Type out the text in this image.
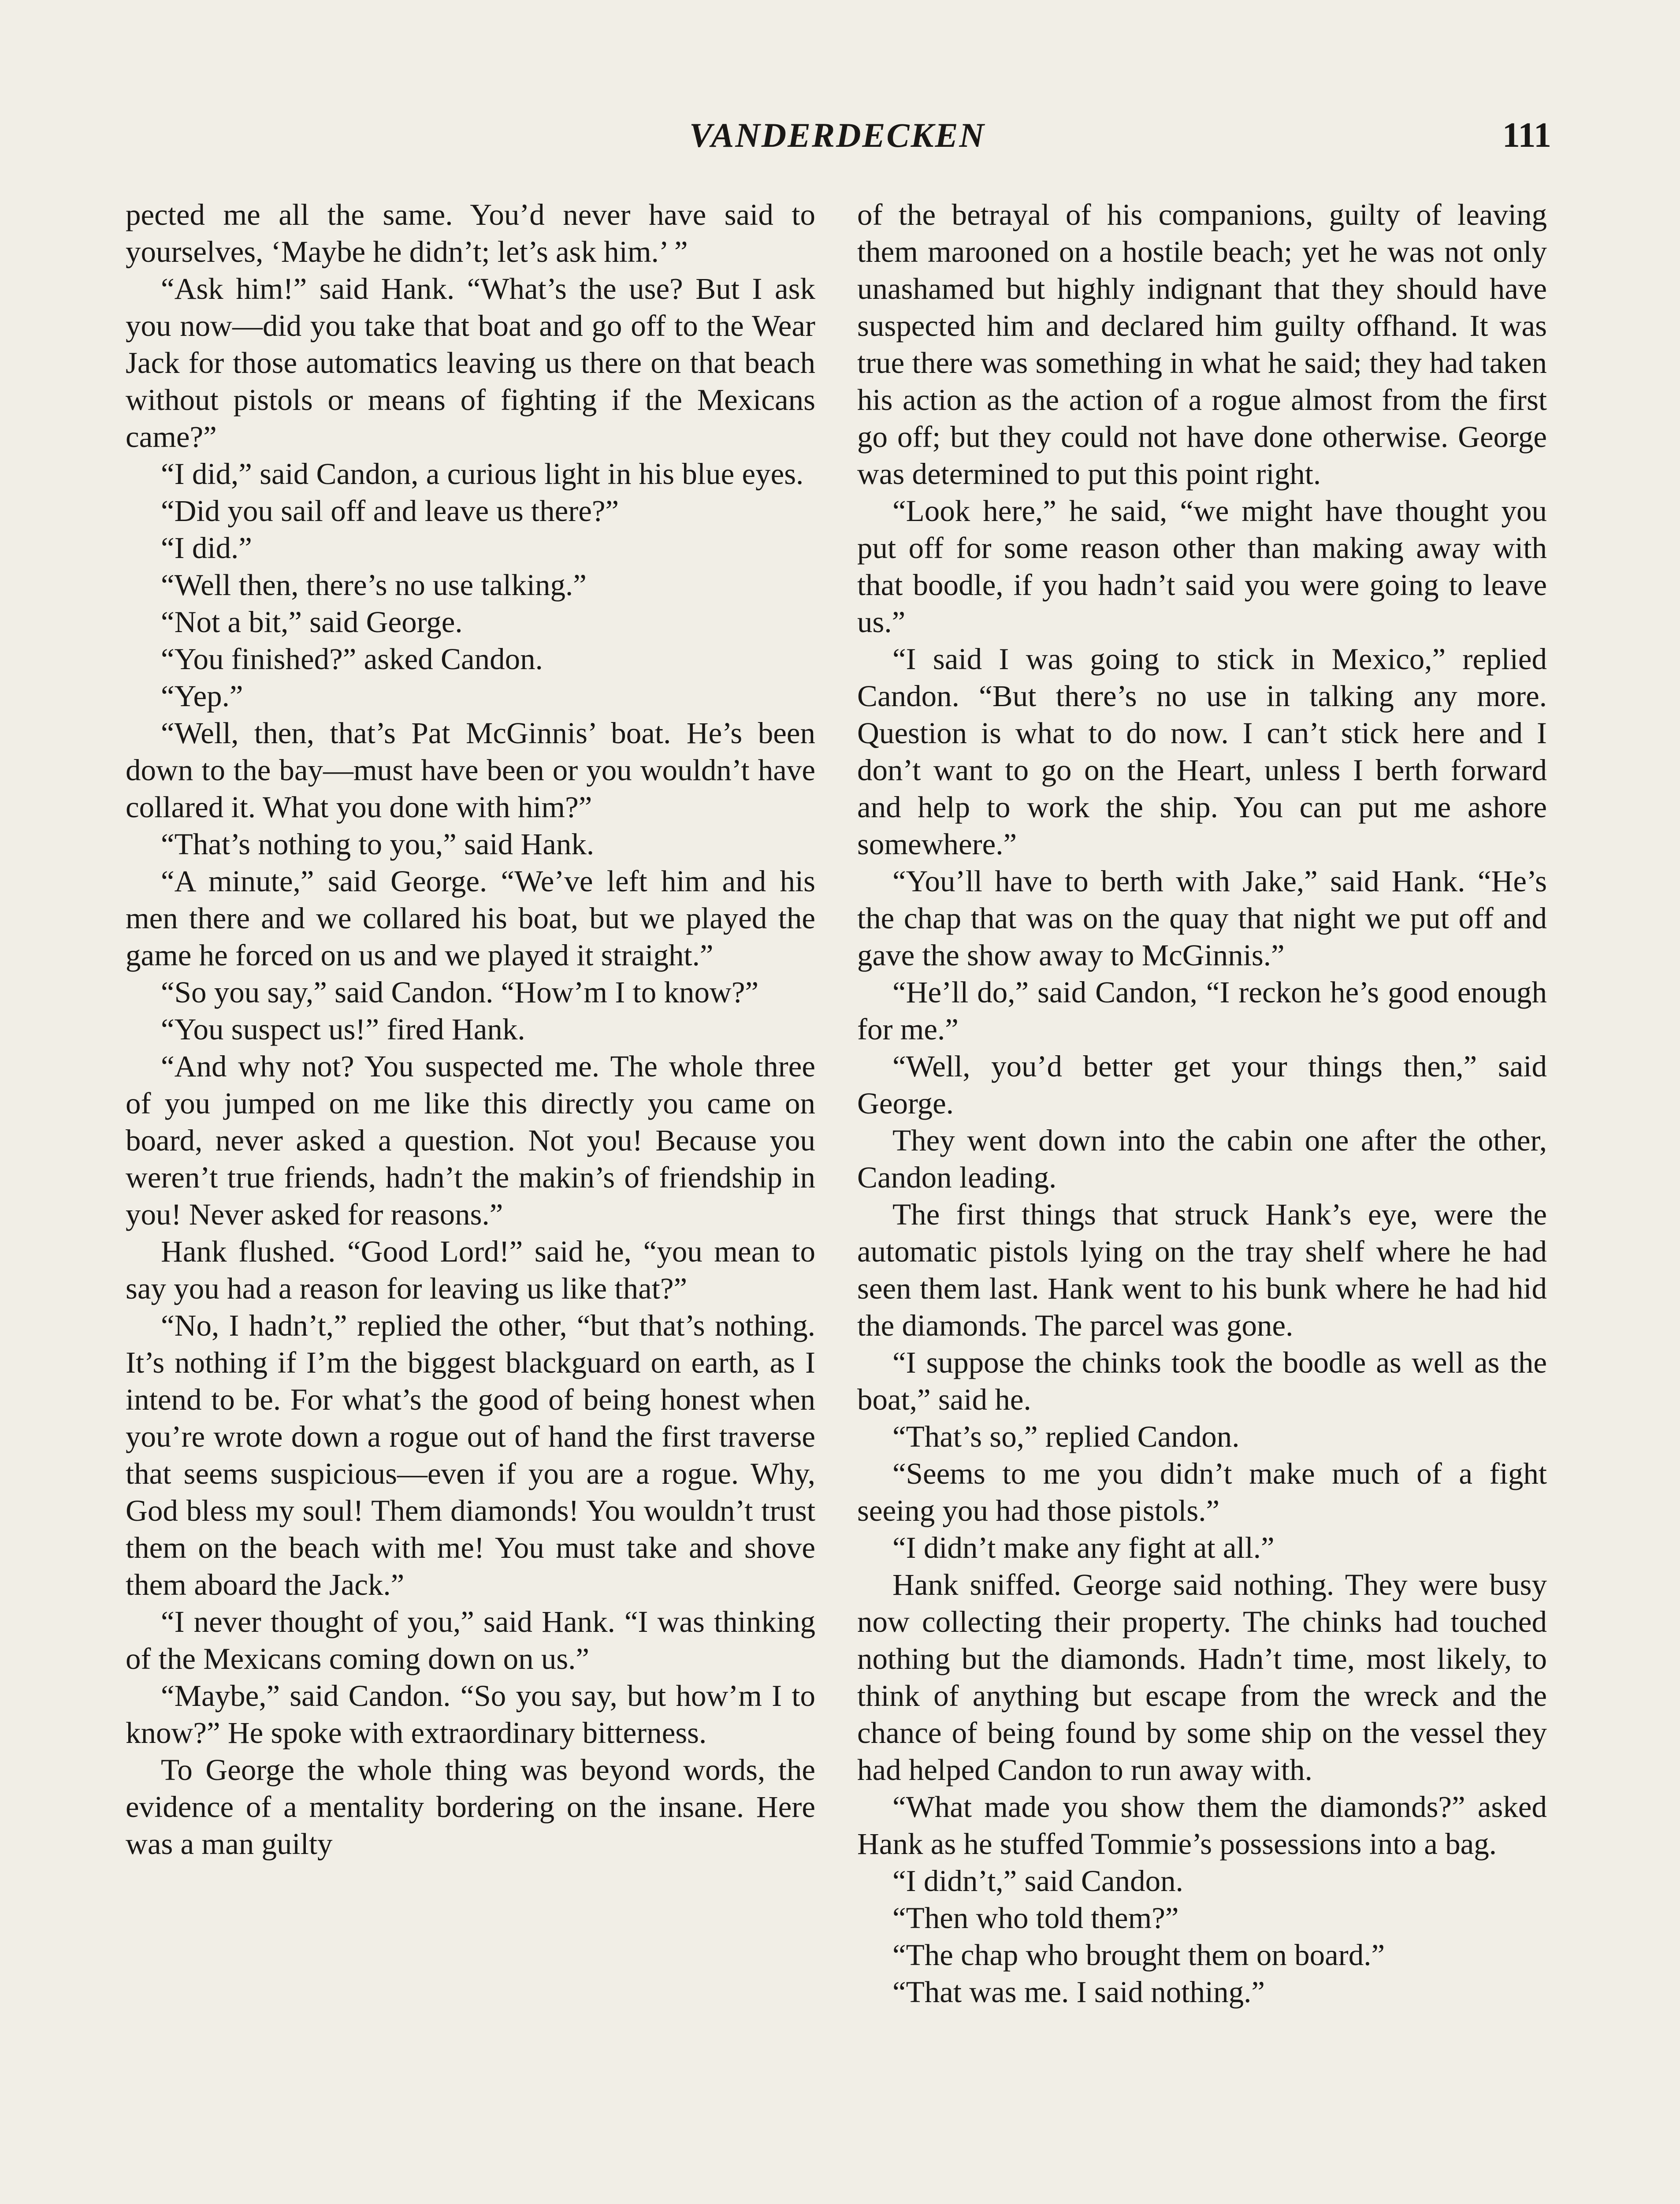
VANDERDECKEN	111

pected me all the same. You’d never have said to yourselves, ‘Maybe he didn’t; let’s ask him.’ ”

“Ask him!” said Hank. “What’s the use? But I ask you now—did you take that boat and go off to the Wear Jack for those automatics leaving us there on that beach without pistols or means of fighting if the Mexicans came?”

“I did,” said Candon, a curious light in his blue eyes.

“Did you sail off and leave us there?”

“I did.”

“Well then, there’s no use talking.”

“Not a bit,” said George.

“You finished?” asked Candon.

“Yep.”

“Well, then, that’s Pat McGinnis’ boat. He’s been down to the bay—must have been or you wouldn’t have collared it. What you done with him?”

“That’s nothing to you,” said Hank.

“A minute,” said George. “We’ve left him and his men there and we collared his boat, but we played the game he forced on us and we played it straight.”

“So you say,” said Candon. “How’m I to know?”

“You suspect us!” fired Hank.

“And why not? You suspected me. The whole three of you jumped on me like this directly you came on board, never asked a question. Not you! Because you weren’t true friends, hadn’t the makin’s of friendship in you! Never asked for reasons.”

Hank flushed. “Good Lord!” said he, “you mean to say you had a reason for leaving us like that?”

“No, I hadn’t,” replied the other, “but that’s nothing. It’s nothing if I’m the biggest blackguard on earth, as I intend to be. For what’s the good of being honest when you’re wrote down a rogue out of hand the first traverse that seems suspicious—even if you are a rogue. Why, God bless my soul! Them diamonds! You wouldn’t trust them on the beach with me! You must take and shove them aboard the Jack.”

“I never thought of you,” said Hank. “I was thinking of the Mexicans coming down on us.”

“Maybe,” said Candon. “So you say, but how’m I to know?” He spoke with extraordinary bitterness.

To George the whole thing was beyond words, the evidence of a mentality bordering on the insane. Here was a man guilty

of the betrayal of his companions, guilty of leaving them marooned on a hostile beach; yet he was not only unashamed but highly indignant that they should have suspected him and declared him guilty offhand. It was true there was something in what he said; they had taken his action as the action of a rogue almost from the first go off; but they could not have done otherwise. George was determined to put this point right.

“Look here,” he said, “we might have thought you put off for some reason other than making away with that boodle, if you hadn’t said you were going to leave us.”

“I said I was going to stick in Mexico,” replied Candon. “But there’s no use in talking any more. Question is what to do now. I can’t stick here and I don’t want to go on the Heart, unless I berth forward and help to work the ship. You can put me ashore somewhere.”

“You’ll have to berth with Jake,” said Hank. “He’s the chap that was on the quay that night we put off and gave the show away to McGinnis.”

“He’ll do,” said Candon, “I reckon he’s good enough for me.”

“Well, you’d better get your things then,” said George.

They went down into the cabin one after the other, Candon leading.

The first things that struck Hank’s eye, were the automatic pistols lying on the tray shelf where he had seen them last. Hank went to his bunk where he had hid the diamonds. The parcel was gone.

“I suppose the chinks took the boodle as well as the boat,” said he.

“That’s so,” replied Candon.

“Seems to me you didn’t make much of a fight seeing you had those pistols.”

“I didn’t make any fight at all.”

Hank sniffed. George said nothing. They were busy now collecting their property. The chinks had touched nothing but the diamonds. Hadn’t time, most likely, to think of anything but escape from the wreck and the chance of being found by some ship on the vessel they had helped Candon to run away with.

“What made you show them the diamonds?” asked Hank as he stuffed Tommie’s possessions into a bag.

“I didn’t,” said Candon.

“Then who told them?”

“The chap who brought them on board.”

“That was me. I said nothing.”
